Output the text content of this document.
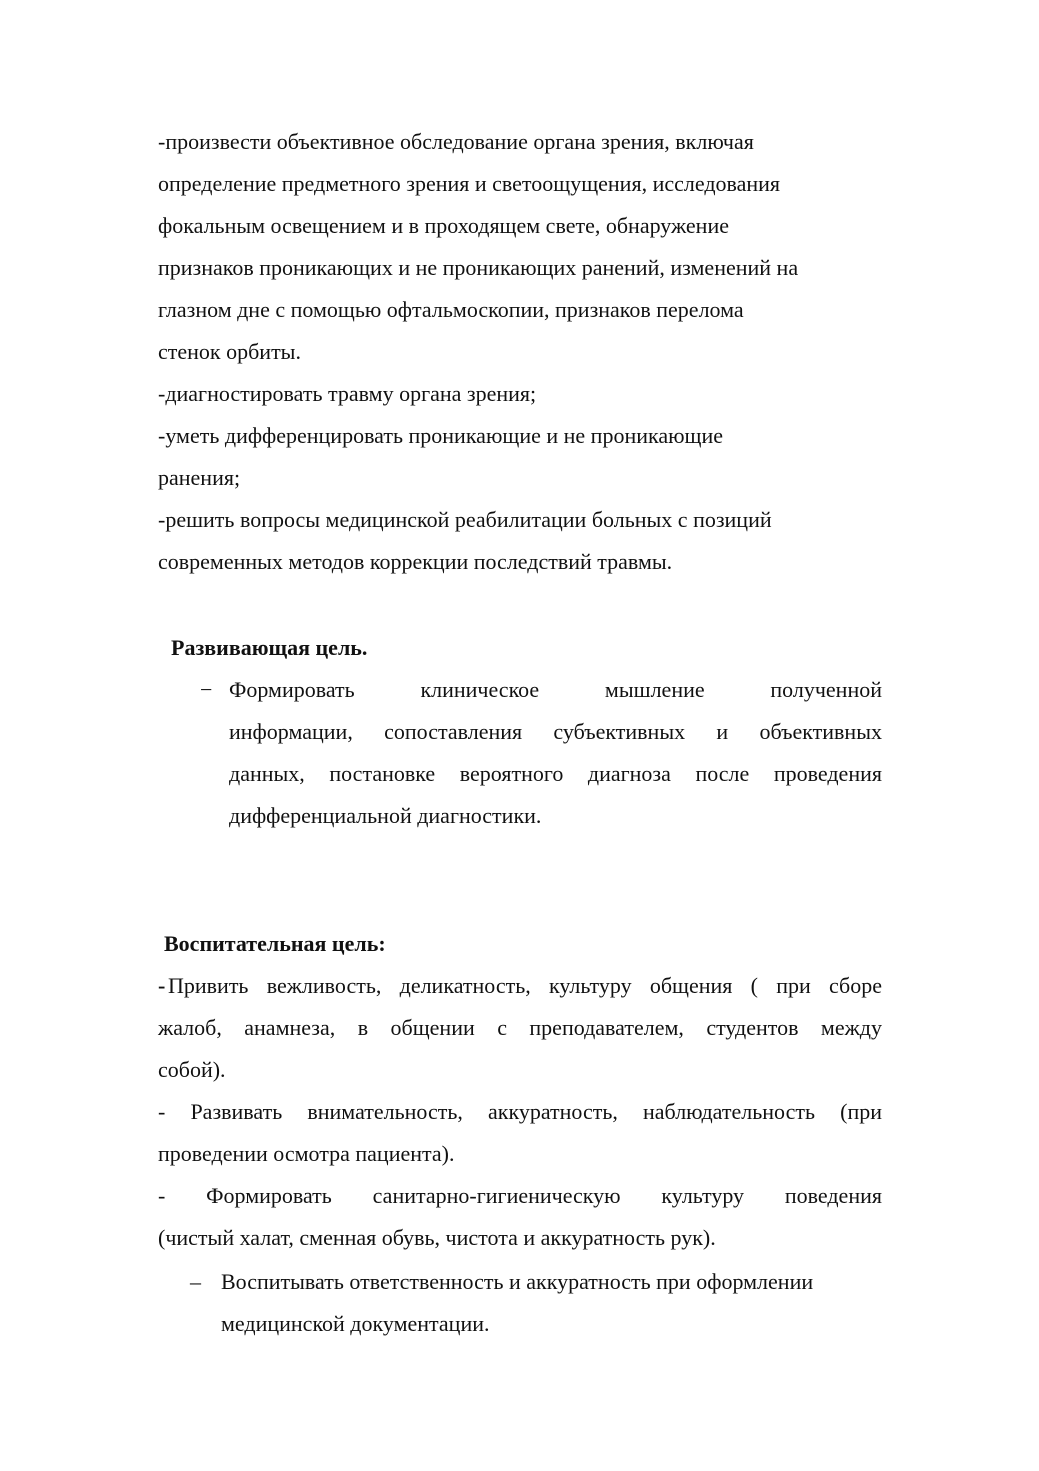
-произвести объективное обследование органа зрения, включая
определение предметного зрения и светоощущения, исследования
фокальным освещением и в проходящем свете, обнаружение
признаков проникающих и не проникающих ранений, изменений на
глазном дне с помощью офтальмоскопии, признаков перелома
стенок орбиты.
-диагностировать травму органа зрения;
-уметь дифференцировать проникающие и не проникающие
ранения;
-решить вопросы медицинской реабилитации больных с позиций
современных методов коррекции последствий травмы.
Развивающая цель.
− Формировать клиническое мышление полученной
информации, сопоставления субъективных и объективных
данных, постановке вероятного диагноза после проведения
дифференциальной диагностики.
Воспитательная цель:
- Привить вежливость, деликатность, культуру общения ( при сборе
жалоб, анамнеза, в общении с преподавателем, студентов между
собой).
- Развивать внимательность, аккуратность, наблюдательность (при
проведении осмотра пациента).
- Формировать санитарно-гигиеническую культуру поведения
(чистый халат, сменная обувь, чистота и аккуратность рук).
– Воспитывать ответственность и аккуратность при оформлении
медицинской документации.
